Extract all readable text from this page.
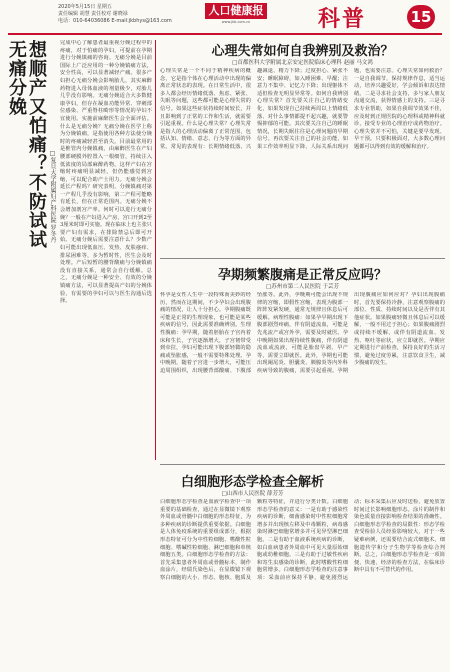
2020年5月15日 星期五
责任编辑 胡慧 责任校对 谢晓禄
电话：010-64036086 E-mail:jkbhys@163.com
人口健康报
www.jkb.com.cn	科普	15
想顺产又怕痛？不防试试无痛分娩
□复旦大学附属妇产科医院 罗冬丹

完成中心了解患者最重视分娩过程中的疼痛，对于怕痛的孕妇，可提前在孕期进行分娩镇痛的咨询。无痛分娩是目前国际上广泛应用的一种分娩镇痛方法，安全性高，可以显著减轻产痛。很多产妇担心无痛分娩会影响胎儿，其实麻醉药物进入母体血液的剂量极少，对胎儿几乎没有影响。无痛分娩适合大多数健康孕妇，但存在凝血功能异常、穿刺部位感染、严重脊柱畸形等情况的孕妇不宜使用。实施前麻醉医生会全面评估。什么是无痛分娩？无痛分娩在医学上称为分娩镇痛，是指使用各种方法使分娩时的疼痛减轻甚至消失。目前最常用的是椎管内分娩镇痛，由麻醉医生在产妇腰部硬膜外腔置入一根细管，持续注入低浓度的局部麻醉药物。这样产妇在宫缩时疼痛明显减轻，但仍能感觉到宫缩，可以配合助产士用力。无痛分娩会延长产程吗？研究表明，分娩镇痛对第一产程几乎没有影响，第二产程可能略有延长，但在正常范围内。无痛分娩不会增加剖宫产率。何时可以进行无痛分娩？一般在产妇进入产房、宫口开到2至3厘米时即可实施。现在临床上也主张只要产妇有需求，在排除禁忌后即可开始。无痛分娩后需要注意什么？少数产妇可能出现低血压、发热、皮肤瘙痒、排尿困难等，多为暂时性，医生会及时处理。产后短暂的腰背酸痛与分娩镇痛没有直接关系，通常会自行缓解。总之，无痛分娩是一种安全、有效的分娩镇痛方法，可以显著提高产妇的分娩体验，有需要的孕妇可以与医生沟通后选择。

心理失常如何自我辨别及救治？
□首都医科大学附属北京安定医院临床心理科 赵丽 马文鸿

心理失常是一个不同于精神疾病的概念，它是指个体在心理活动中出现的偏离正常状态的表现。在日常生活中，很多人都会经历情绪低落、焦虑、紧张、失眠等问题，这些都可能是心理失常的信号。如果这些症状持续时间较长，并且影响到了正常的工作和生活，就需要引起重视。什么是心理失常？心理失常是指人的心理活动偏离了正常范围，包括认知、情绪、意志、行为等方面的异常。常见的表现有：长期情绪低落、兴趣减退、精力下降；过度担心、紧张不安；睡眠障碍，如入睡困难、早醒；注意力不集中、记忆力下降；出现躯体不适但检查无明显异常等。如何自我辨别心理失常？首先要关注自己的情绪变化，如果发现自己持续两周以上情绪低落、对什么事情都提不起兴趣，就要警惕抑郁的可能。其次要关注自己的睡眠情况，长期失眠往往是心理问题的早期信号。再次要关注自己的社会功能，如果工作效率明显下降、人际关系出现问题，也需要注意。心理失常如何救治？一是自我调节，保持规律作息，适当运动，培养兴趣爱好，学会倾诉和表达情绪。二是寻求社会支持，多与家人朋友沟通交流，获得情感上的支持。三是寻求专业帮助，如果自我调节效果不佳，应及时到正规医院的心理科或精神科就诊，接受专业的心理治疗或药物治疗。心理失常并不可怕，关键是要早发现、早干预。只要积极面对，大多数心理问题都可以得到有效的缓解和治疗。

孕期频繁腹痛是正常反应吗？
□苏州市第二人民医院 于芸芳

怀孕是女性人生中一段特殊而美妙的经历，然而在这期间，不少孕妇会出现腹痛的情况，让人十分担心。孕期腹痛既可能是正常的生理现象，也可能是某些疾病的信号，因此需要准确辨别。生理性腹痛：孕早期，随着胚胎在子宫内着床和生长，子宫逐渐增大，子宫韧带受到牵拉，孕妇可能出现下腹部轻微的隐痛或坠胀感，一般不需要特殊处理。孕中晚期，随着子宫进一步增大，可能压迫周围组织，出现腰背部酸痛、下腹部坠胀等。此外，孕晚期可能会出现不规律的宫缩，即假性宫缩，表现为腹部一阵阵发紧发硬，通常无规律且休息后可缓解。病理性腹痛：如果孕早期出现下腹部剧烈疼痛，伴有阴道流血，可能是先兆流产或宫外孕，需要及时就医。孕中晚期如果出现持续性腹痛，伴有阴道流血或流液，可能是胎盘早剥、早产等，需要立即就医。此外，孕期也可能出现阑尾炎、胆囊炎、胰腺炎等内外科疾病导致的腹痛，需要引起重视。孕期出现腹痛应如何应对？孕妇出现腹痛时，首先要保持冷静，注意观察腹痛的部位、性质、持续时间以及是否伴有其他症状。如果腹痛轻微且休息后可以缓解，一般不用过于担心；如果腹痛剧烈或持续不缓解，或伴有阴道流血、发热、呕吐等症状，应立即就医。孕期应定期进行产前检查，保持良好的生活习惯，避免过度劳累，注意饮食卫生，减少腹痛的发生。

白细胞形态学检查全解析
□山西市人民医院 薛芳芳

白细胞形态学检查是血液学检查中一项重要的基础检查，通过在显微镜下观察外周血或骨髓中白细胞的形态特征，为多种疾病的诊断提供重要依据。白细胞是人体免疫系统的重要组成部分，根据形态特征可分为中性粒细胞、嗜酸性粒细胞、嗜碱性粒细胞、淋巴细胞和单核细胞五类。白细胞形态学检查的方法：首先采集患者外周血或骨髓标本，制作血涂片，经瑞氏染色后，在显微镜下观察白细胞的大小、形态、胞核、胞质及颗粒等特征，并进行分类计数。白细胞形态学检查的意义：一是有助于感染性疾病的诊断，细菌感染时中性粒细胞常增多并出现核左移及中毒颗粒，病毒感染时淋巴细胞常增多并可见异型淋巴细胞。二是有助于血液系统疾病的诊断，如白血病患者外周血中可见大量原始细胞或幼稚细胞。三是有助于过敏性疾病和寄生虫感染的诊断，此时嗜酸性粒细胞常增多。白细胞形态学检查的注意事项：采血前应保持平静，避免剧烈运动；标本采集后应及时送检，避免放置时间过长影响细胞形态。涂片的制作和染色质量直接影响检查结果的准确性。白细胞形态学检查的局限性：形态学检查受检验人员经验影响较大，对于一些疑难病例，还需要结合流式细胞术、细胞遗传学和分子生物学等检查综合判断。总之，白细胞形态学检查是一项简便、快速、经济的检查方法，在临床诊断中具有不可替代的作用。
